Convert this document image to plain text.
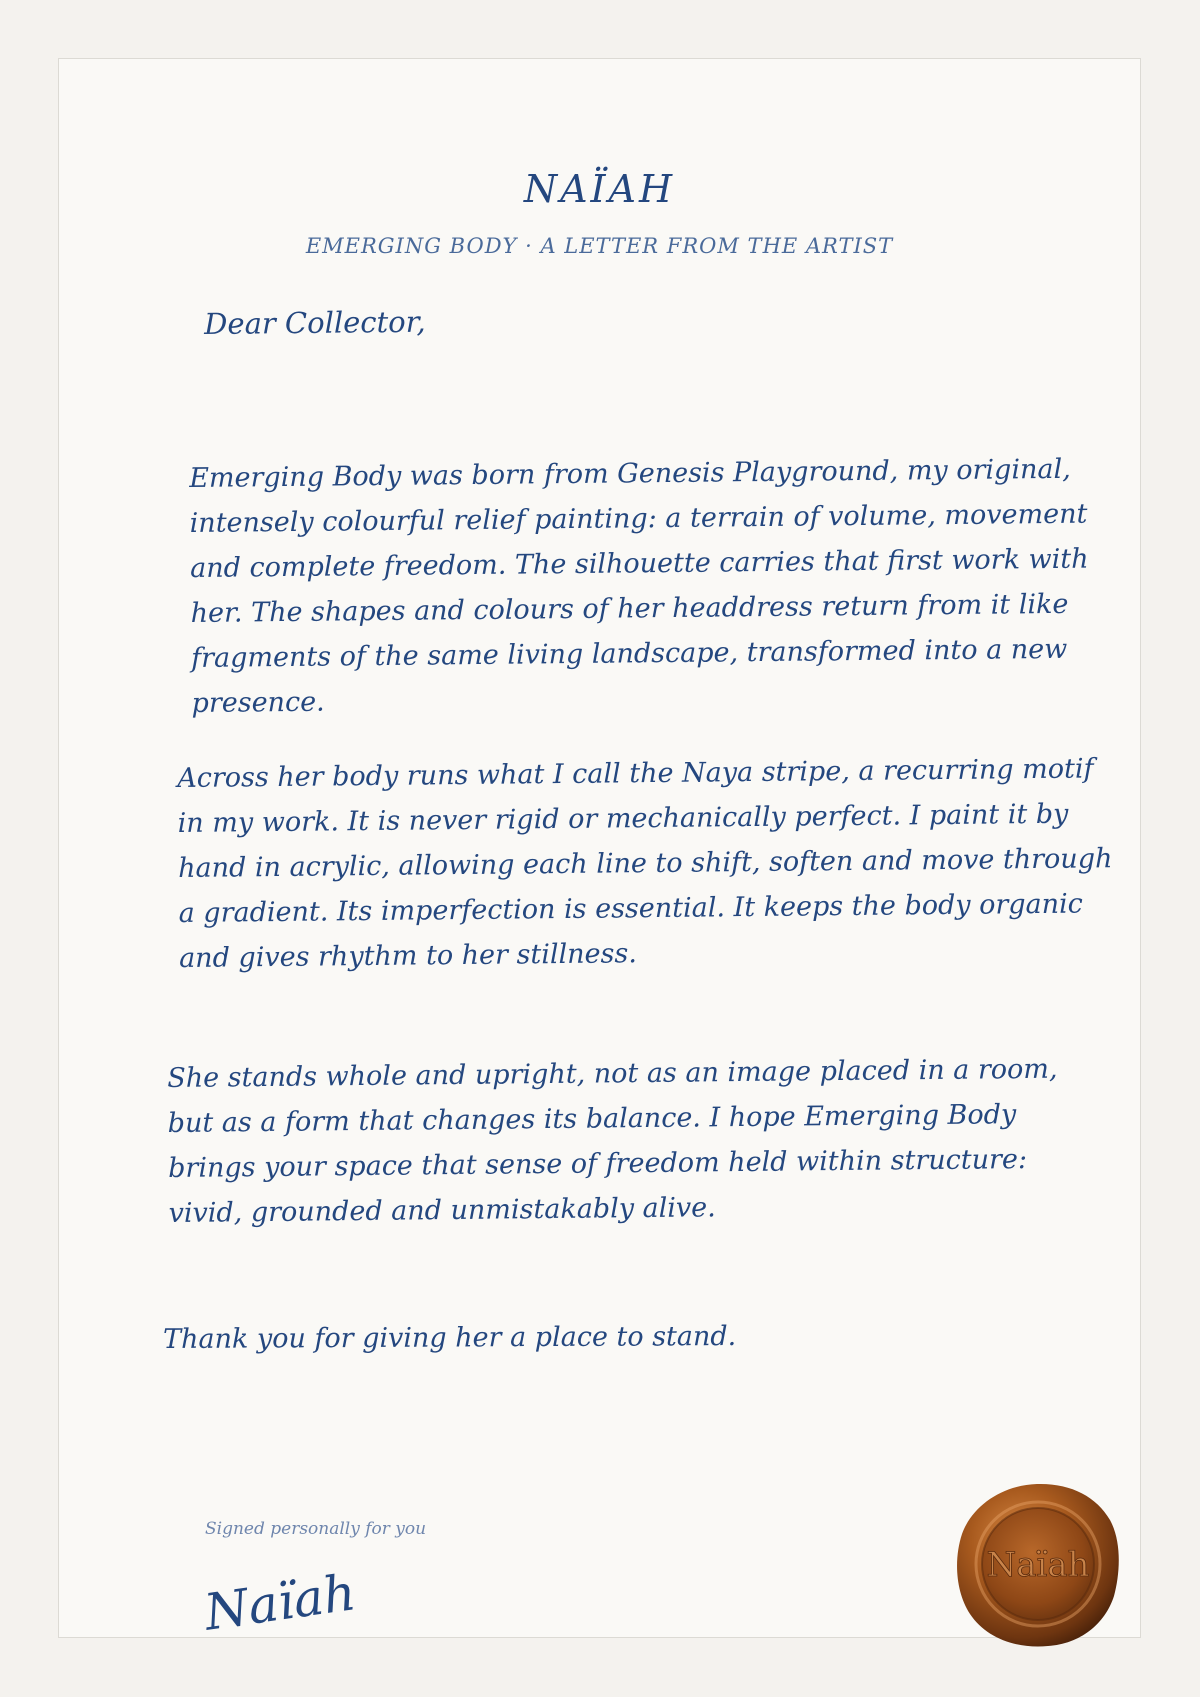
NAÏAH
EMERGING BODY · A LETTER FROM THE ARTIST
Dear Collector,

Emerging Body was born from Genesis Playground, my original, intensely colourful relief painting: a terrain of volume, movement and complete freedom. The silhouette carries that first work with her. The shapes and colours of her headdress return from it like fragments of the same living landscape, transformed into a new presence.

Across her body runs what I call the Naya stripe, a recurring motif in my work. It is never rigid or mechanically perfect. I paint it by hand in acrylic, allowing each line to shift, soften and move through a gradient. Its imperfection is essential. It keeps the body organic and gives rhythm to her stillness.

She stands whole and upright, not as an image placed in a room, but as a form that changes its balance. I hope Emerging Body brings your space that sense of freedom held within structure: vivid, grounded and unmistakably alive.

Thank you for giving her a place to stand.

Signed personally for you
Naïah	Naïah
